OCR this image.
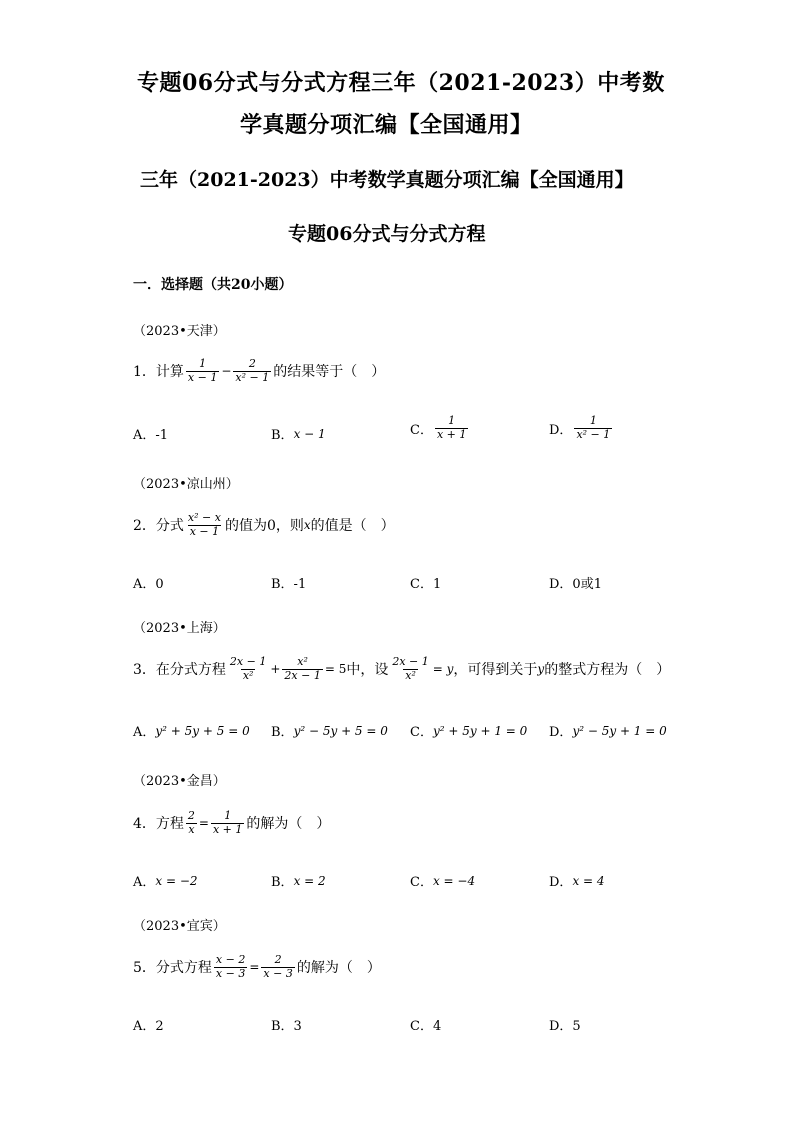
专题06分式与分式方程三年（2021-2023）中考数
学真题分项汇编【全国通用】
三年（2021-2023）中考数学真题分项汇编【全国通用】
专题06分式与分式方程
一．选择题（共20小题）
（2023•天津）
1．计算 $\frac{1}{x - 1} - \frac{2}{\text{x² − 1}}$ 的结果等于（　）
A．-1	B． x − 1	C． $\frac{1}{x + 1}$	D． $\frac{1}{\text{x² − 1}}$
（2023•凉山州）
2．分式 $\frac{\text{x² − x}}{x - 1}$ 的值为0，则 x 的值是（　）
A．0	B．-1	C．1	D．0或1
（2023•上海）
3．在分式方程 $\frac{2x - 1}{\text{x²}} + \frac{\text{x²}}{2x - 1} = 5$ 中，设 $\frac{2x - 1}{\text{x²}} = y$ ，可得到关于 y 的整式方程为（　）
A． y² + 5y + 5 = 0 B． y² − 5y + 5 = 0 C． y² + 5y + 1 = 0 D． y² − 5y + 1 = 0
（2023•金昌）
4．方程 $\frac{2}{x} = \frac{1}{x + 1}$ 的解为（　）
A． x = −2	B． x = 2	C． x = −4	D． x = 4
（2023•宜宾）
5．分式方程 $\frac{x - 2}{x - 3} = \frac{2}{x - 3}$ 的解为（　）
A．2	B．3	C．4	D．5
